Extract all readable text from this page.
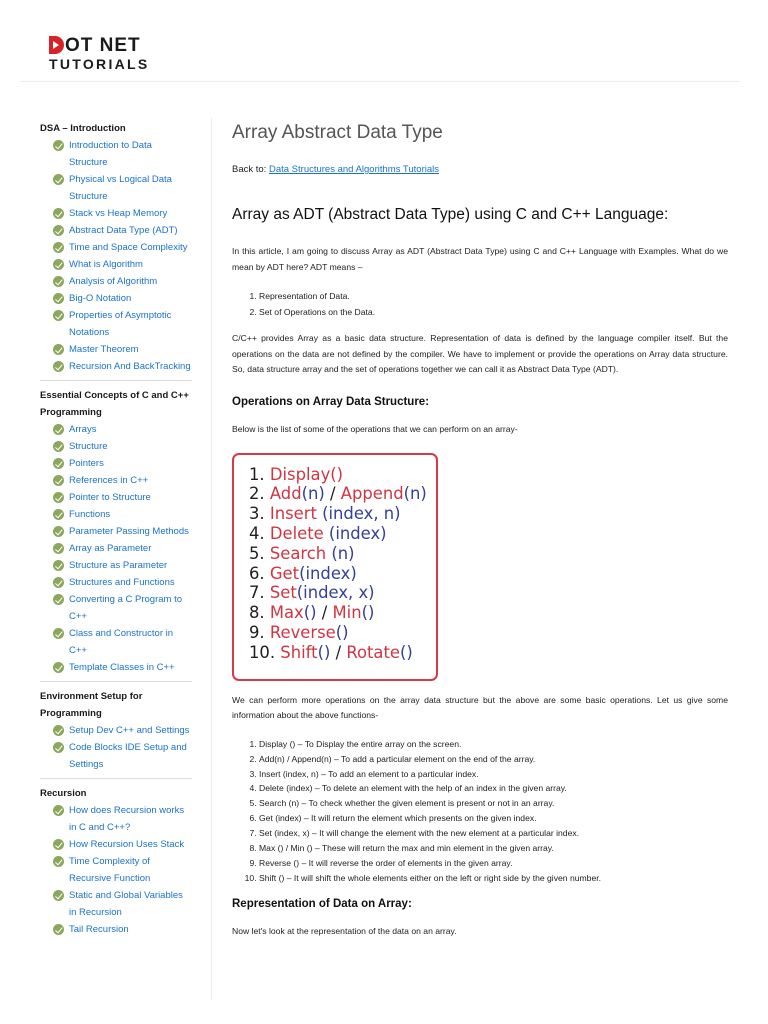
OT NET
TUTORIALS
DSA – Introduction
Introduction to Data Structure
Physical vs Logical Data Structure
Stack vs Heap Memory
Abstract Data Type (ADT)
Time and Space Complexity
What is Algorithm
Analysis of Algorithm
Big-O Notation
Properties of Asymptotic Notations
Master Theorem
Recursion And BackTracking
Essential Concepts of C and C++ Programming
Arrays
Structure
Pointers
References in C++
Pointer to Structure
Functions
Parameter Passing Methods
Array as Parameter
Structure as Parameter
Structures and Functions
Converting a C Program to C++
Class and Constructor in C++
Template Classes in C++
Environment Setup for Programming
Setup Dev C++ and Settings
Code Blocks IDE Setup and Settings
Recursion
How does Recursion works in C and C++?
How Recursion Uses Stack
Time Complexity of Recursive Function
Static and Global Variables in Recursion
Tail Recursion
Array Abstract Data Type
Back to: Data Structures and Algorithms Tutorials
Array as ADT (Abstract Data Type) using C and C++ Language:

In this article, I am going to discuss Array as ADT (Abstract Data Type) using C and C++ Language with Examples. What do we mean by ADT here? ADT means –

1. Representation of Data.
2. Set of Operations on the Data.

C/C++ provides Array as a basic data structure. Representation of data is defined by the language compiler itself. But the operations on the data are not defined by the compiler. We have to implement or provide the operations on Array data structure. So, data structure array and the set of operations together we can call it as Abstract Data Type (ADT).

Operations on Array Data Structure:

Below is the list of some of the operations that we can perform on an array-

1. Display()
2. Add(n) / Append(n)
3. Insert (index, n)
4. Delete (index)
5. Search (n)
6. Get(index)
7. Set(index, x)
8. Max() / Min()
9. Reverse()
10. Shift() / Rotate()

We can perform more operations on the array data structure but the above are some basic operations. Let us give some information about the above functions-

1. Display () – To Display the entire array on the screen.
2. Add(n) / Append(n) – To add a particular element on the end of the array.
3. Insert (index, n) – To add an element to a particular index.
4. Delete (index) – To delete an element with the help of an index in the given array.
5. Search (n) – To check whether the given element is present or not in an array.
6. Get (index) – It will return the element which presents on the given index.
7. Set (index, x) – It will change the element with the new element at a particular index.
8. Max () / Min () – These will return the max and min element in the given array.
9. Reverse () – It will reverse the order of elements in the given array.
10. Shift () – It will shift the whole elements either on the left or right side by the given number.
Representation of Data on Array:

Now let's look at the representation of the data on an array.
